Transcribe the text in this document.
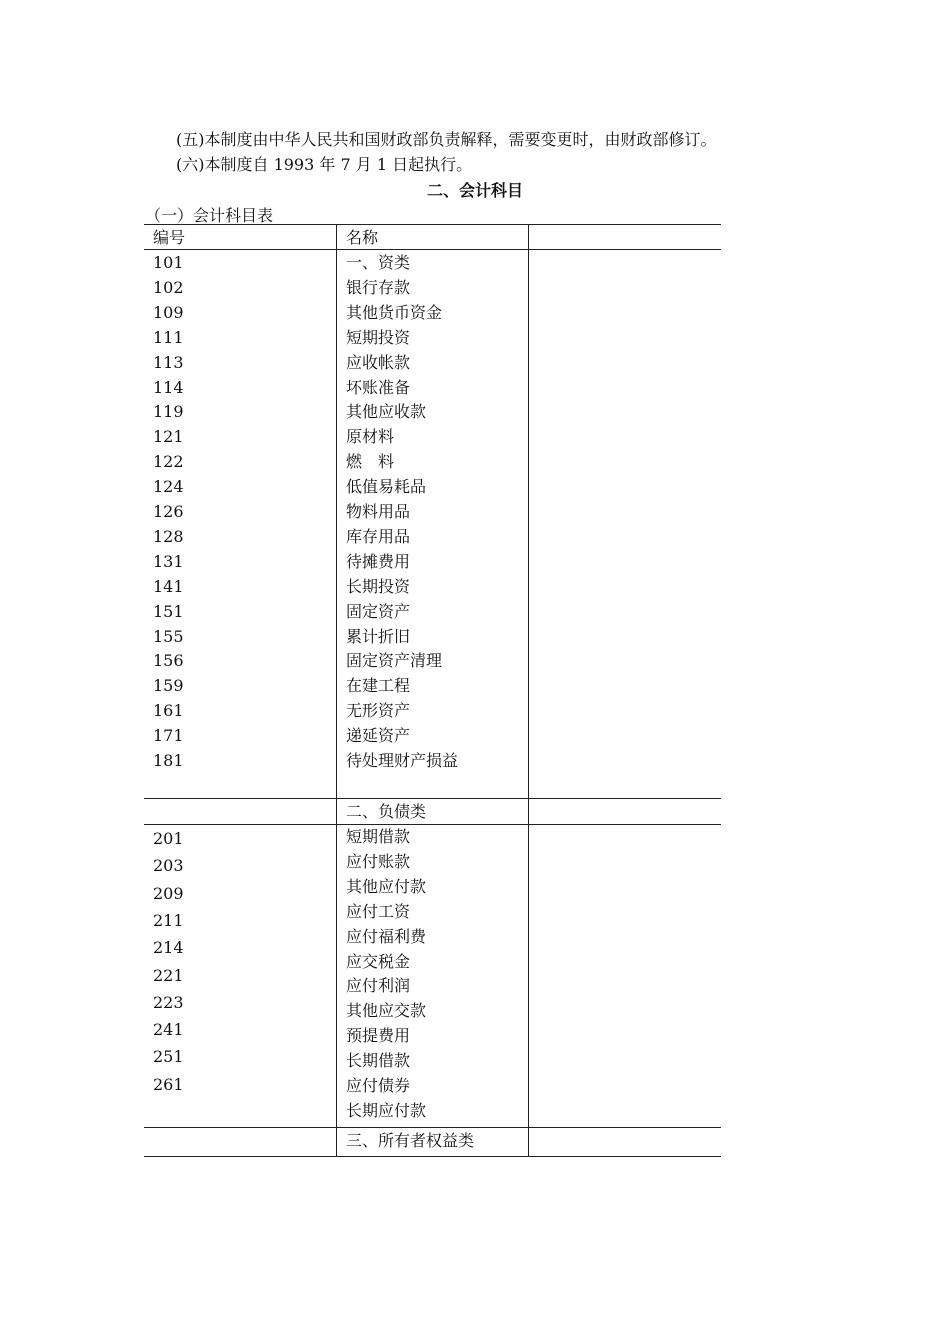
(五)本制度由中华人民共和国财政部负责解释，需要变更时，由财政部修订。
(六)本制度自 1993 年 7 月 1 日起执行。
二、会计科目
（一）会计科目表
编号	名称
101
102
109
111
113
114
119
121
122
124
126
128
131
141
151
155
156
159
161
171
181
一、资类
银行存款
其他货币资金
短期投资
应收帐款
坏账准备
其他应收款
原材料
燃　料
低值易耗品
物料用品
库存用品
待摊费用
长期投资
固定资产
累计折旧
固定资产清理
在建工程
无形资产
递延资产
待处理财产损益
二、负债类
201
203
209
211
214
221
223
241
251
261
短期借款
应付账款
其他应付款
应付工资
应付福利费
应交税金
应付利润
其他应交款
预提费用
长期借款
应付债券
长期应付款
三、所有者权益类
